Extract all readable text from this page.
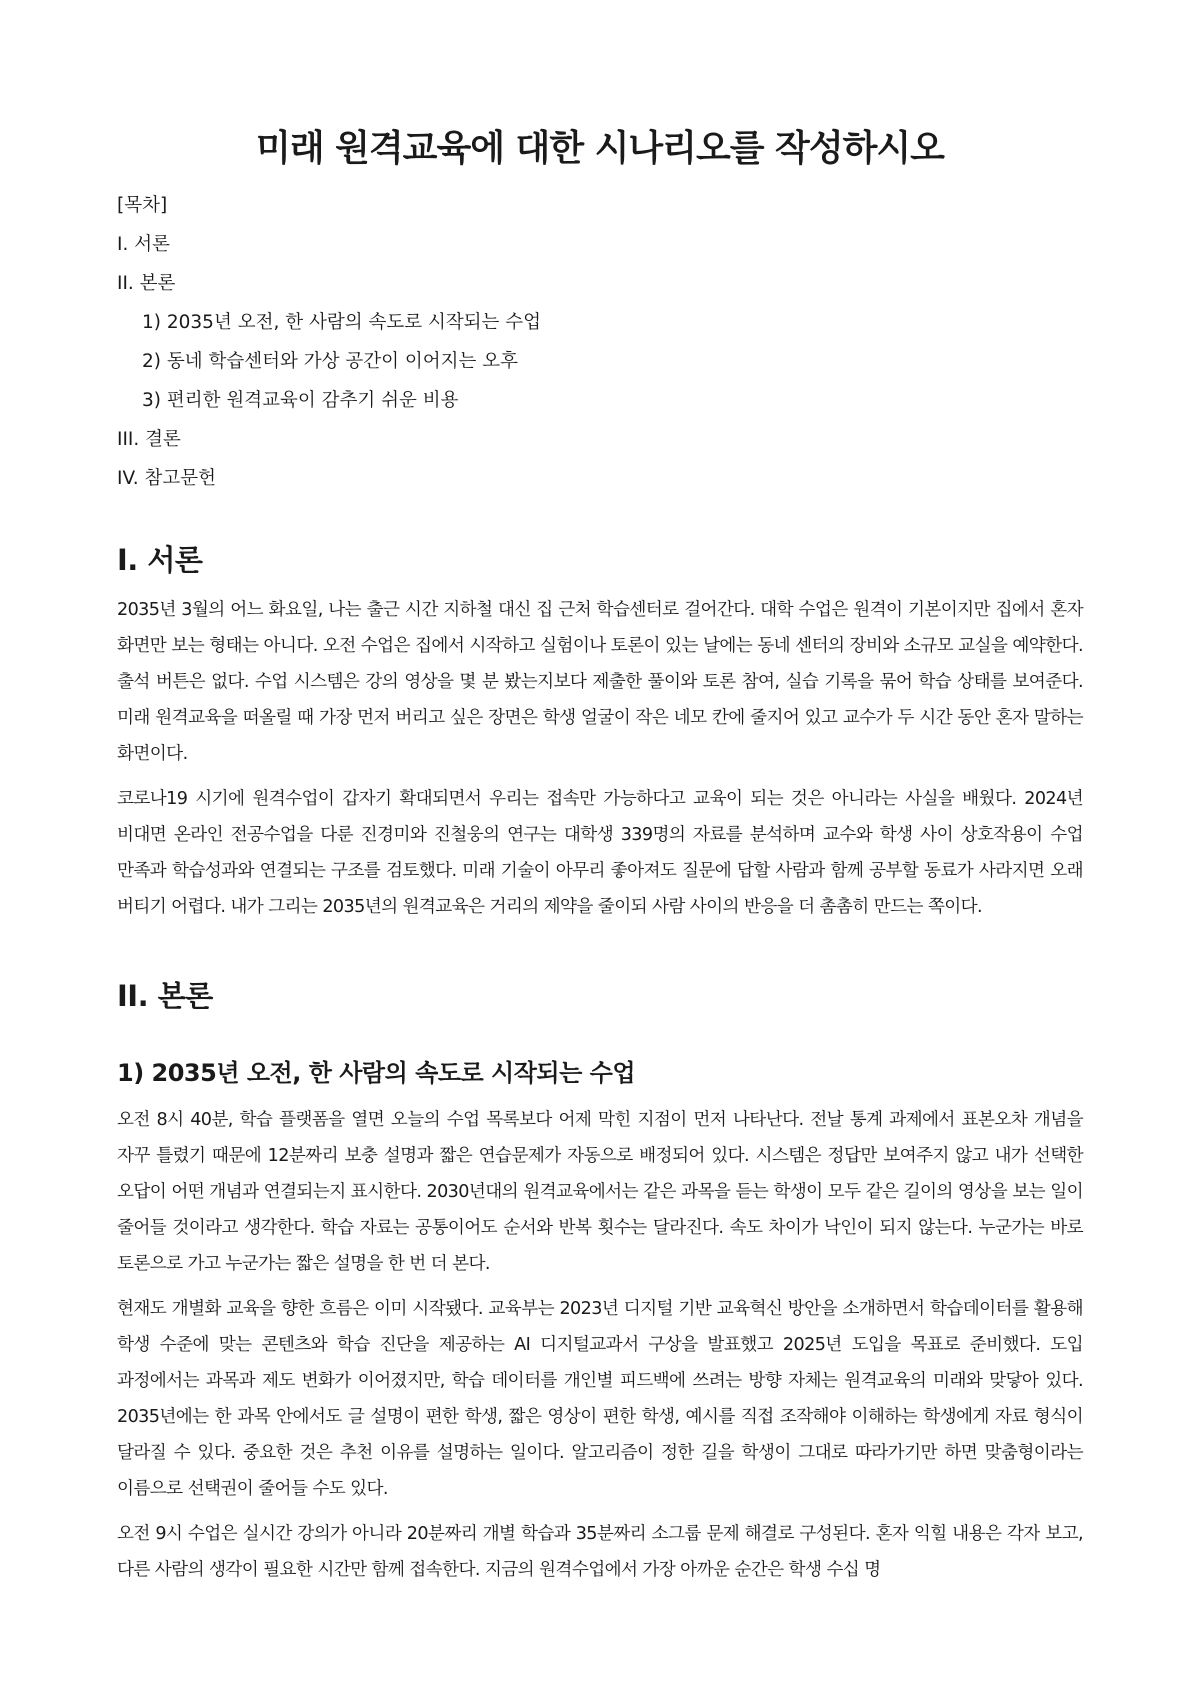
미래 원격교육에 대한 시나리오를 작성하시오
[목차]
I. 서론
II. 본론
1) 2035년 오전, 한 사람의 속도로 시작되는 수업
2) 동네 학습센터와 가상 공간이 이어지는 오후
3) 편리한 원격교육이 감추기 쉬운 비용
III. 결론
IV. 참고문헌
I. 서론

2035년 3월의 어느 화요일, 나는 출근 시간 지하철 대신 집 근처 학습센터로 걸어간다. 대학 수업은 원격이 기본이지만 집에서 혼자 화면만 보는 형태는 아니다. 오전 수업은 집에서 시작하고 실험이나 토론이 있는 날에는 동네 센터의 장비와 소규모 교실을 예약한다. 출석 버튼은 없다. 수업 시스템은 강의 영상을 몇 분 봤는지보다 제출한 풀이와 토론 참여, 실습 기록을 묶어 학습 상태를 보여준다. 미래 원격교육을 떠올릴 때 가장 먼저 버리고 싶은 장면은 학생 얼굴이 작은 네모 칸에 줄지어 있고 교수가 두 시간 동안 혼자 말하는 화면이다.

코로나19 시기에 원격수업이 갑자기 확대되면서 우리는 접속만 가능하다고 교육이 되는 것은 아니라는 사실을 배웠다. 2024년 비대면 온라인 전공수업을 다룬 진경미와 진철웅의 연구는 대학생 339명의 자료를 분석하며 교수와 학생 사이 상호작용이 수업 만족과 학습성과와 연결되는 구조를 검토했다. 미래 기술이 아무리 좋아져도 질문에 답할 사람과 함께 공부할 동료가 사라지면 오래 버티기 어렵다. 내가 그리는 2035년의 원격교육은 거리의 제약을 줄이되 사람 사이의 반응을 더 촘촘히 만드는 쪽이다.

II. 본론
1) 2035년 오전, 한 사람의 속도로 시작되는 수업

오전 8시 40분, 학습 플랫폼을 열면 오늘의 수업 목록보다 어제 막힌 지점이 먼저 나타난다. 전날 통계 과제에서 표본오차 개념을 자꾸 틀렸기 때문에 12분짜리 보충 설명과 짧은 연습문제가 자동으로 배정되어 있다. 시스템은 정답만 보여주지 않고 내가 선택한 오답이 어떤 개념과 연결되는지 표시한다. 2030년대의 원격교육에서는 같은 과목을 듣는 학생이 모두 같은 길이의 영상을 보는 일이 줄어들 것이라고 생각한다. 학습 자료는 공통이어도 순서와 반복 횟수는 달라진다. 속도 차이가 낙인이 되지 않는다. 누군가는 바로 토론으로 가고 누군가는 짧은 설명을 한 번 더 본다.

현재도 개별화 교육을 향한 흐름은 이미 시작됐다. 교육부는 2023년 디지털 기반 교육혁신 방안을 소개하면서 학습데이터를 활용해 학생 수준에 맞는 콘텐츠와 학습 진단을 제공하는 AI 디지털교과서 구상을 발표했고 2025년 도입을 목표로 준비했다. 도입 과정에서는 과목과 제도 변화가 이어졌지만, 학습 데이터를 개인별 피드백에 쓰려는 방향 자체는 원격교육의 미래와 맞닿아 있다. 2035년에는 한 과목 안에서도 글 설명이 편한 학생, 짧은 영상이 편한 학생, 예시를 직접 조작해야 이해하는 학생에게 자료 형식이 달라질 수 있다. 중요한 것은 추천 이유를 설명하는 일이다. 알고리즘이 정한 길을 학생이 그대로 따라가기만 하면 맞춤형이라는 이름으로 선택권이 줄어들 수도 있다.

오전 9시 수업은 실시간 강의가 아니라 20분짜리 개별 학습과 35분짜리 소그룹 문제 해결로 구성된다. 혼자 익힐 내용은 각자 보고, 다른 사람의 생각이 필요한 시간만 함께 접속한다. 지금의 원격수업에서 가장 아까운 순간은 학생 수십 명
